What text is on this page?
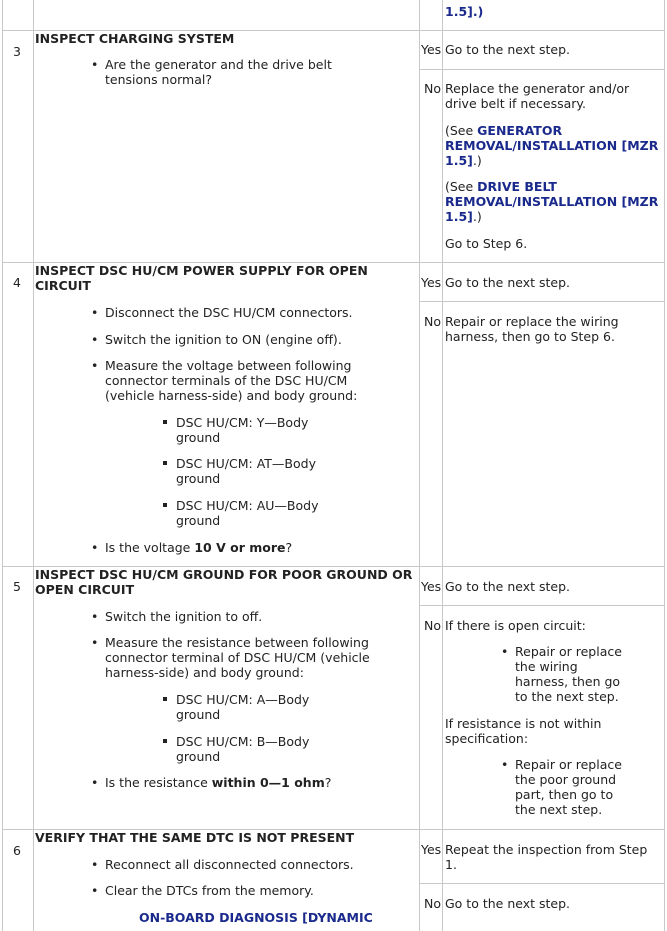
1.5].)
3
INSPECT CHARGING SYSTEM
• Are the generator and the drive belt
tensions normal?
Yes Go to the next step.
No Replace the generator and/or
drive belt if necessary.
(See GENERATOR
REMOVAL/INSTALLATION [MZR
1.5].)
(See DRIVE BELT
REMOVAL/INSTALLATION [MZR
1.5].)
Go to Step 6.
4
INSPECT DSC HU/CM POWER SUPPLY FOR OPEN
CIRCUIT
• Disconnect the DSC HU/CM connectors.
• Switch the ignition to ON (engine off).
• Measure the voltage between following
connector terminals of the DSC HU/CM
(vehicle harness-side) and body ground:
DSC HU/CM: Y—Body
ground
DSC HU/CM: AT—Body
ground
DSC HU/CM: AU—Body
ground
• Is the voltage 10 V or more?
Yes Go to the next step.
No Repair or replace the wiring
harness, then go to Step 6.
5
INSPECT DSC HU/CM GROUND FOR POOR GROUND OR
OPEN CIRCUIT
• Switch the ignition to off.
• Measure the resistance between following
connector terminal of DSC HU/CM (vehicle
harness-side) and body ground:
DSC HU/CM: A—Body
ground
DSC HU/CM: B—Body
ground
• Is the resistance within 0—1 ohm?
Yes Go to the next step.
No If there is open circuit:
• Repair or replace
the wiring
harness, then go
to the next step.
If resistance is not within
specification:
• Repair or replace
the poor ground
part, then go to
the next step.
6
VERIFY THAT THE SAME DTC IS NOT PRESENT
• Reconnect all disconnected connectors.
• Clear the DTCs from the memory.
ON-BOARD DIAGNOSIS [DYNAMIC
Yes Repeat the inspection from Step
1.
No Go to the next step.
